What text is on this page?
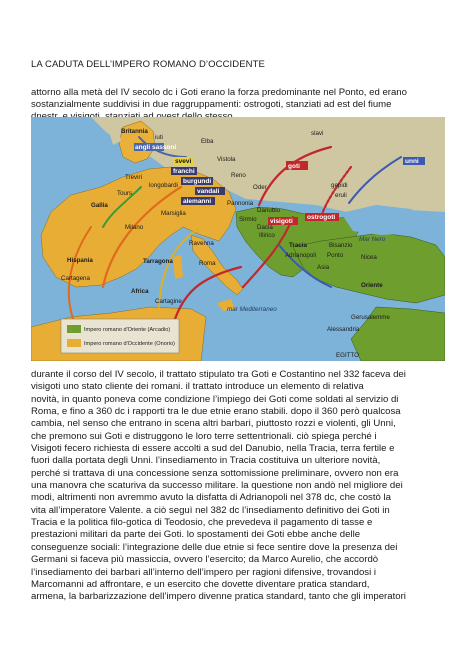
LA CADUTA DELL’IMPERO ROMANO D’OCCIDENTE
attorno alla metà del IV secolo dc i Goti erano la forza predominante nel Ponto, ed erano
sostanzialmente suddivisi in due raggruppamenti: ostrogoti, stanziati ad est del fiume
angli sassoni
franchi
burgundi
vandali
alemanni
goti
visigoti
ostrogoti
unni
svevi
Britannia
iuti
Elba
slavi
Vistola
Reno
Oder	gepidi
eruli
Treviri
longobardi
Tours
Gallia	Pannonia
Danubio
Marsiglia
Sirmio
Milano
Ravenna
Dacia
Illirico
Tracia	Bisanzio
Mar Nero
Adrianopoli Ponto	Nicea
Asia
Roma
Tarragona
Hispania
Cartagena
Oriente
Africa
Cartagine
mar Mediterraneo
Gerusalemme
Alessandria
EGITTO
Impero romano d'Oriente (Arcadio)
Impero romano d'Occidente (Onorio)
durante il corso del IV secolo, il trattato stipulato tra Goti e Costantino nel 332 faceva dei
visigoti uno stato cliente dei romani. il trattato introduce un elemento di relativa
novità, in quanto poneva come condizione l’impiego dei Goti come soldati al servizio di
Roma, e fino a 360 dc i rapporti tra le due etnie erano stabili. dopo il 360 però qualcosa
cambia, nel senso che entrano in scena altri barbari, piuttosto rozzi e violenti, gli Unni,
che premono sui Goti e distruggono le loro terre settentrionali. ciò spiega perché i
Visigoti fecero richiesta di essere accolti a sud del Danubio, nella Tracia, terra fertile e
fuori dalla portata degli Unni. l’insediamento in Tracia costituiva un ulteriore novità,
perché si trattava di una concessione senza sottomissione preliminare, ovvero non era
una manovra che scaturiva da successo militare. la questione non andò nel migliore dei
modi, altrimenti non avremmo avuto la disfatta di Adrianopoli nel 378 dc, che costò la
vita all’imperatore Valente. a ciò seguì nel 382 dc l’insediamento definitivo dei Goti in
Tracia e la politica filo-gotica di Teodosio, che prevedeva il pagamento di tasse e
prestazioni militari da parte dei Goti. lo spostamenti dei Goti ebbe anche delle
conseguenze sociali: l’integrazione delle due etnie si fece sentire dove la presenza dei
Germani si faceva più massiccia, ovvero l’esercito; da Marco Aurelio, che accordò
l’insediamento dei barbari all’interno dell’impero per ragioni difensive, trovandosi i
Marcomanni ad affrontare, e un esercito che dovette diventare pratica standard,
armena, la barbarizzazione dell’impero divenne pratica standard, tanto che gli imperatori
